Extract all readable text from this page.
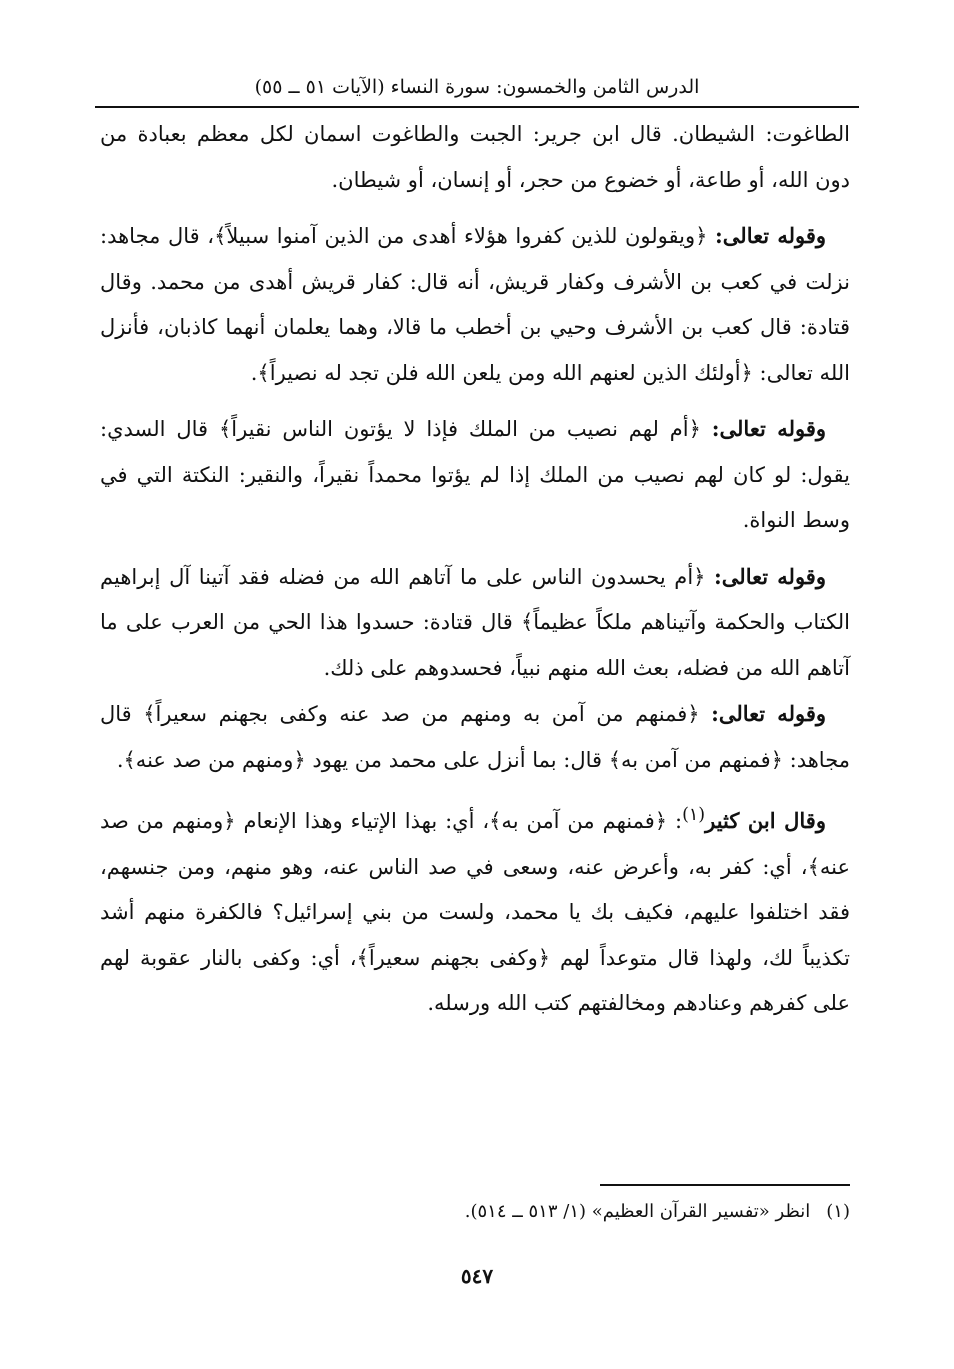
الدرس الثامن والخمسون: سورة النساء (الآيات ٥١ ــ ٥٥)

الطاغوت: الشيطان. قال ابن جرير: الجبت والطاغوت اسمان لكل معظم بعبادة من دون الله، أو طاعة، أو خضوع من حجر، أو إنسان، أو شيطان.

وقوله تعالى: ﴿ويقولون للذين كفروا هؤلاء أهدى من الذين آمنوا سبيلاً﴾، قال مجاهد: نزلت في كعب بن الأشرف وكفار قريش، أنه قال: كفار قريش أهدى من محمد. وقال قتادة: قال كعب بن الأشرف وحيي بن أخطب ما قالا، وهما يعلمان أنهما كاذبان، فأنزل الله تعالى: ﴿أولئك الذين لعنهم الله ومن يلعن الله فلن تجد له نصيراً﴾.

وقوله تعالى: ﴿أم لهم نصيب من الملك فإذا لا يؤتون الناس نقيراً﴾ قال السدي: يقول: لو كان لهم نصيب من الملك إذا لم يؤتوا محمداً نقيراً، والنقير: النكتة التي في وسط النواة.

وقوله تعالى: ﴿أم يحسدون الناس على ما آتاهم الله من فضله فقد آتينا آل إبراهيم الكتاب والحكمة وآتيناهم ملكاً عظيماً﴾ قال قتادة: حسدوا هذا الحي من العرب على ما آتاهم الله من فضله، بعث الله منهم نبياً، فحسدوهم على ذلك.

وقوله تعالى: ﴿فمنهم من آمن به ومنهم من صد عنه وكفى بجهنم سعيراً﴾ قال مجاهد: ﴿فمنهم من آمن به﴾ قال: بما أنزل على محمد من يهود ﴿ومنهم من صد عنه﴾.

وقال ابن كثير$^{(١)}$: ﴿فمنهم من آمن به﴾، أي: بهذا الإتياء وهذا الإنعام ﴿ومنهم من صد عنه﴾، أي: كفر به، وأعرض عنه، وسعى في صد الناس عنه، وهو منهم، ومن جنسهم، فقد اختلفوا عليهم، فكيف بك يا محمد، ولست من بني إسرائيل؟ فالكفرة منهم أشد تكذيباً لك، ولهذا قال متوعداً لهم ﴿وكفى بجهنم سعيراً﴾، أي: وكفى بالنار عقوبة لهم على كفرهم وعنادهم ومخالفتهم كتب الله ورسله.

(١)انظر «تفسير القرآن العظيم» (١/ ٥١٣ ــ ٥١٤).
٥٤٧
